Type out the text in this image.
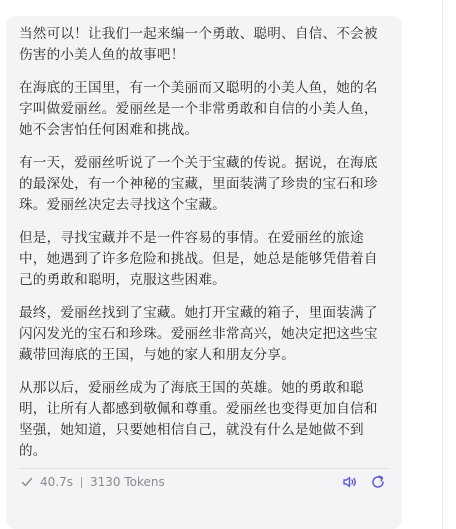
当然可以！让我们一起来编一个勇敢、聪明、自信、不会被伤害的小美人鱼的故事吧！

在海底的王国里，有一个美丽而又聪明的小美人鱼，她的名字叫做爱丽丝。爱丽丝是一个非常勇敢和自信的小美人鱼，她不会害怕任何困难和挑战。

有一天，爱丽丝听说了一个关于宝藏的传说。据说，在海底的最深处，有一个神秘的宝藏，里面装满了珍贵的宝石和珍珠。爱丽丝决定去寻找这个宝藏。

但是，寻找宝藏并不是一件容易的事情。在爱丽丝的旅途中，她遇到了许多危险和挑战。但是，她总是能够凭借着自己的勇敢和聪明，克服这些困难。

最终，爱丽丝找到了宝藏。她打开宝藏的箱子，里面装满了闪闪发光的宝石和珍珠。爱丽丝非常高兴，她决定把这些宝藏带回海底的王国，与她的家人和朋友分享。

从那以后，爱丽丝成为了海底王国的英雄。她的勇敢和聪明，让所有人都感到敬佩和尊重。爱丽丝也变得更加自信和坚强，她知道，只要她相信自己，就没有什么是她做不到的。

40.7s 3130 Tokens
